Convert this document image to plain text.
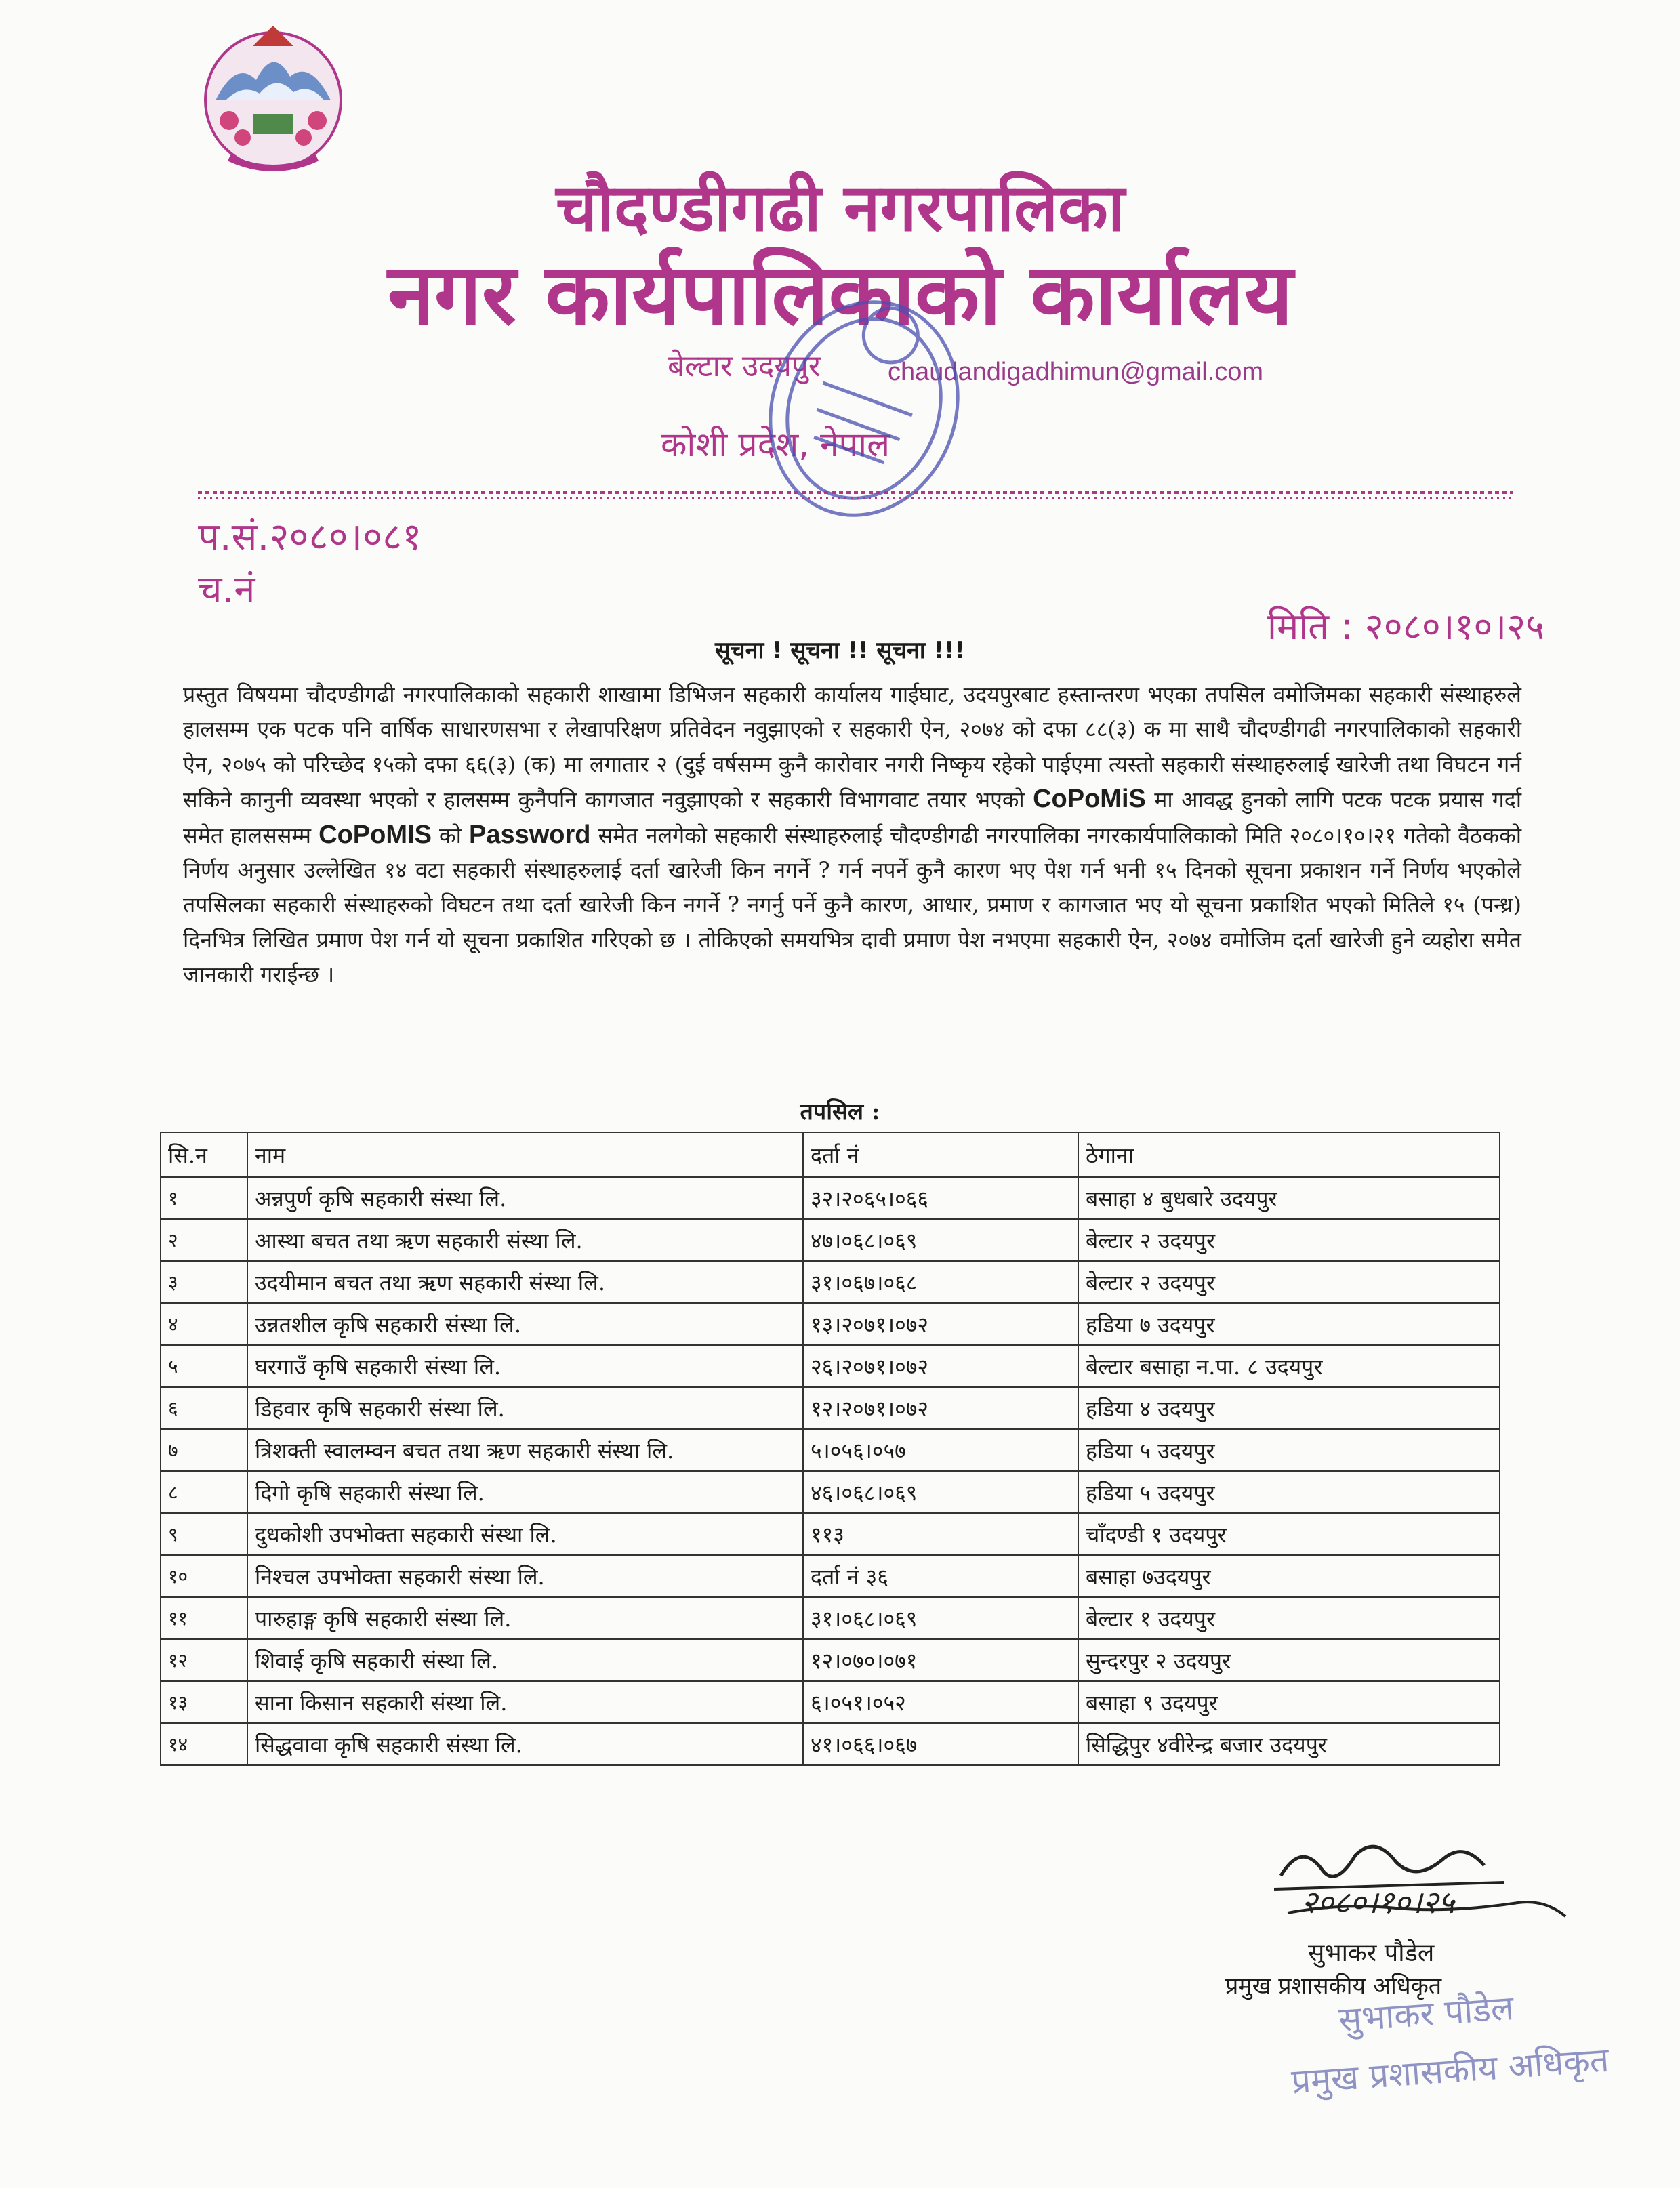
चौदण्डीगढी नगरपालिका
नगर कार्यपालिकाको कार्यालय
बेल्टार उदयपुर	chaudandigadhimun@gmail.com
कोशी प्रदेश, नेपाल
प.सं.२०८०।०८१
च.नं
मिति : २०८०।१०।२५
सूचना ! सूचना !! सूचना !!!
प्रस्तुत विषयमा चौदण्डीगढी नगरपालिकाको सहकारी शाखामा डिभिजन सहकारी कार्यालय गाईघाट, उदयपुरबाट हस्तान्तरण भएका तपसिल वमोजिमका सहकारी संस्थाहरुले हालसम्म एक पटक पनि वार्षिक साधारणसभा र लेखापरिक्षण प्रतिवेदन नवुझाएको र सहकारी ऐन, २०७४ को दफा ८८(३) क मा साथै चौदण्डीगढी नगरपालिकाको सहकारी ऐन, २०७५ को परिच्छेद १५को दफा ६६(३) (क) मा लगातार २ (दुई वर्षसम्म कुनै कारोवार नगरी निष्कृय रहेको पाईएमा त्यस्तो सहकारी संस्थाहरुलाई खारेजी तथा विघटन गर्न सकिने कानुनी व्यवस्था भएको र हालसम्म कुनैपनि कागजात नवुझाएको र सहकारी विभागवाट तयार भएको CoPoMiS मा आवद्ध हुनको लागि पटक पटक प्रयास गर्दा समेत हालससम्म CoPoMIS को Password समेत नलगेको सहकारी संस्थाहरुलाई चौदण्डीगढी नगरपालिका नगरकार्यपालिकाको मिति २०८०।१०।२१ गतेको वैठकको निर्णय अनुसार उल्लेखित १४ वटा सहकारी संस्थाहरुलाई दर्ता खारेजी किन नगर्ने ? गर्न नपर्ने कुनै कारण भए पेश गर्न भनी १५ दिनको सूचना प्रकाशन गर्ने निर्णय भएकोले तपसिलका सहकारी संस्थाहरुको विघटन तथा दर्ता खारेजी किन नगर्ने ? नगर्नु पर्ने कुनै कारण, आधार, प्रमाण र कागजात भए यो सूचना प्रकाशित भएको मितिले १५ (पन्ध्र) दिनभित्र लिखित प्रमाण पेश गर्न यो सूचना प्रकाशित गरिएको छ । तोकिएको समयभित्र दावी प्रमाण पेश नभएमा सहकारी ऐन, २०७४ वमोजिम दर्ता खारेजी हुने व्यहोरा समेत जानकारी गराईन्छ ।
तपसिल :
सि.न	नाम	दर्ता नं	ठेगाना
१	अन्नपुर्ण कृषि सहकारी संस्था लि.	३२।२०६५।०६६	बसाहा ४ बुधबारे उदयपुर
२	आस्था बचत तथा ऋण सहकारी संस्था लि.	४७।०६८।०६९	बेल्टार २ उदयपुर
३	उदयीमान बचत तथा ऋण सहकारी संस्था लि.	३१।०६७।०६८	बेल्टार २ उदयपुर
४	उन्नतशील कृषि सहकारी संस्था लि.	१३।२०७१।०७२	हडिया ७ उदयपुर
५	घरगाउँ कृषि सहकारी संस्था लि.	२६।२०७१।०७२	बेल्टार बसाहा न.पा. ८ उदयपुर
६	डिहवार कृषि सहकारी संस्था लि.	१२।२०७१।०७२	हडिया ४ उदयपुर
७	त्रिशक्ती स्वालम्वन बचत तथा ऋण सहकारी संस्था लि.	५।०५६।०५७	हडिया ५ उदयपुर
८	दिगो कृषि सहकारी संस्था लि.	४६।०६८।०६९	हडिया ५ उदयपुर
९	दुधकोशी उपभोक्ता सहकारी संस्था लि.	११३	चाँदण्डी १ उदयपुर
१०	निश्चल उपभोक्ता सहकारी संस्था लि.	दर्ता नं ३६	बसाहा ७उदयपुर
११	पारुहाङ्ग कृषि सहकारी संस्था लि.	३१।०६८।०६९	बेल्टार १ उदयपुर
१२	शिवाई कृषि सहकारी संस्था लि.	१२।०७०।०७१	सुन्दरपुर २ उदयपुर
१३	साना किसान सहकारी संस्था लि.	६।०५१।०५२	बसाहा ९ उदयपुर
१४	सिद्धवावा कृषि सहकारी संस्था लि.	४१।०६६।०६७	सिद्धिपुर ४वीरेन्द्र बजार उदयपुर
२०८०।१०।२५
सुभाकर पौडेल
प्रमुख प्रशासकीय अधिकृत
सुभाकर पौडेल
प्रमुख प्रशासकीय अधिकृत
